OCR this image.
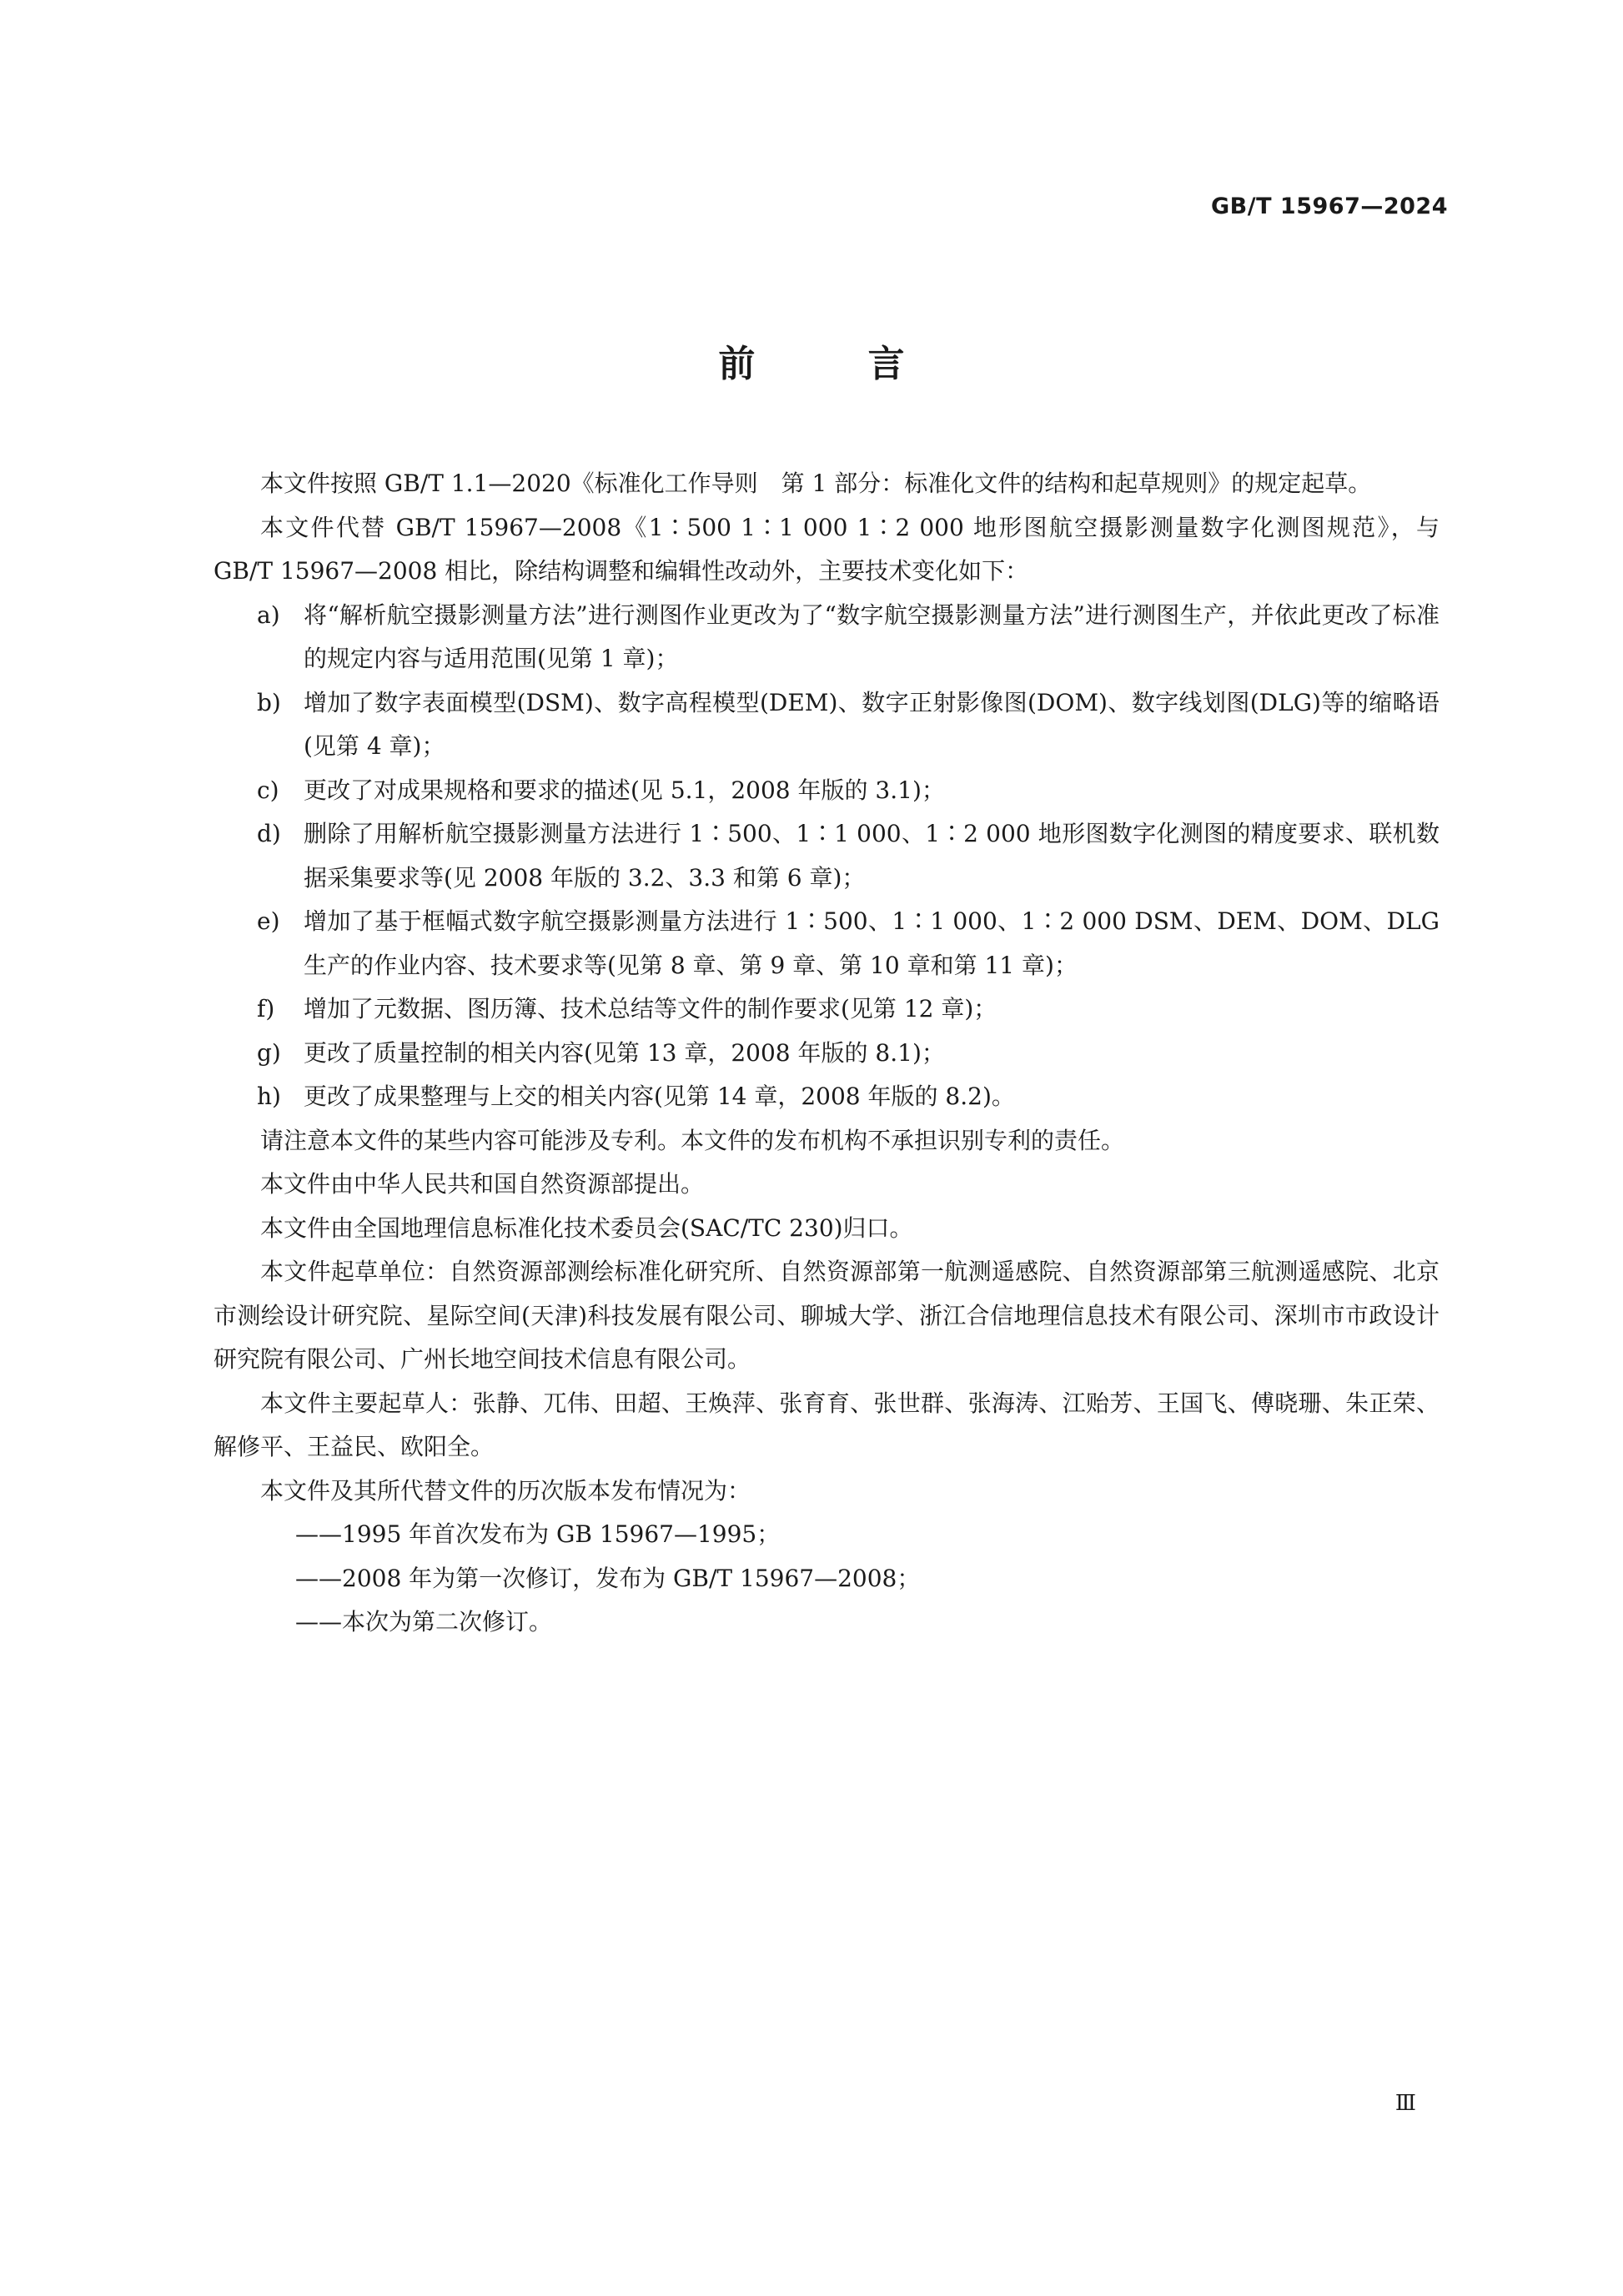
GB/T 15967—2024

前 言

本文件按照 GB/T 1.1—2020《标准化工作导则　第 1 部分：标准化文件的结构和起草规则》的规定起草。

本文件代替 GB/T 15967—2008《1∶500 1∶1 000 1∶2 000 地形图航空摄影测量数字化测图规范》，与 GB/T 15967—2008 相比，除结构调整和编辑性改动外，主要技术变化如下：

a)	将“解析航空摄影测量方法”进行测图作业更改为了“数字航空摄影测量方法”进行测图生产，并依此更改了标准的规定内容与适用范围(见第 1 章)；
b) 增加了数字表面模型(DSM)、数字高程模型(DEM)、数字正射影像图(DOM)、数字线划图(DLG)等的缩略语(见第 4 章)；
c)	更改了对成果规格和要求的描述(见 5.1，2008 年版的 3.1)；
d) 删除了用解析航空摄影测量方法进行 1∶500、1∶1 000、1∶2 000 地形图数字化测图的精度要求、联机数据采集要求等(见 2008 年版的 3.2、3.3 和第 6 章)；
e)	增加了基于框幅式数字航空摄影测量方法进行 1∶500、1∶1 000、1∶2 000 DSM、DEM、DOM、DLG 生产的作业内容、技术要求等(见第 8 章、第 9 章、第 10 章和第 11 章)；
f)	增加了元数据、图历簿、技术总结等文件的制作要求(见第 12 章)；
g) 更改了质量控制的相关内容(见第 13 章，2008 年版的 8.1)；
h) 更改了成果整理与上交的相关内容(见第 14 章，2008 年版的 8.2)。

请注意本文件的某些内容可能涉及专利。本文件的发布机构不承担识别专利的责任。

本文件由中华人民共和国自然资源部提出。

本文件由全国地理信息标准化技术委员会(SAC/TC 230)归口。

本文件起草单位：自然资源部测绘标准化研究所、自然资源部第一航测遥感院、自然资源部第三航测遥感院、北京市测绘设计研究院、星际空间(天津)科技发展有限公司、聊城大学、浙江合信地理信息技术有限公司、深圳市市政设计研究院有限公司、广州长地空间技术信息有限公司。

本文件主要起草人：张静、兀伟、田超、王焕萍、张育育、张世群、张海涛、江贻芳、王国飞、傅晓珊、朱正荣、解修平、王益民、欧阳全。

本文件及其所代替文件的历次版本发布情况为：

——1995 年首次发布为 GB 15967—1995；

——2008 年为第一次修订，发布为 GB/T 15967—2008；

——本次为第二次修订。

Ⅲ
